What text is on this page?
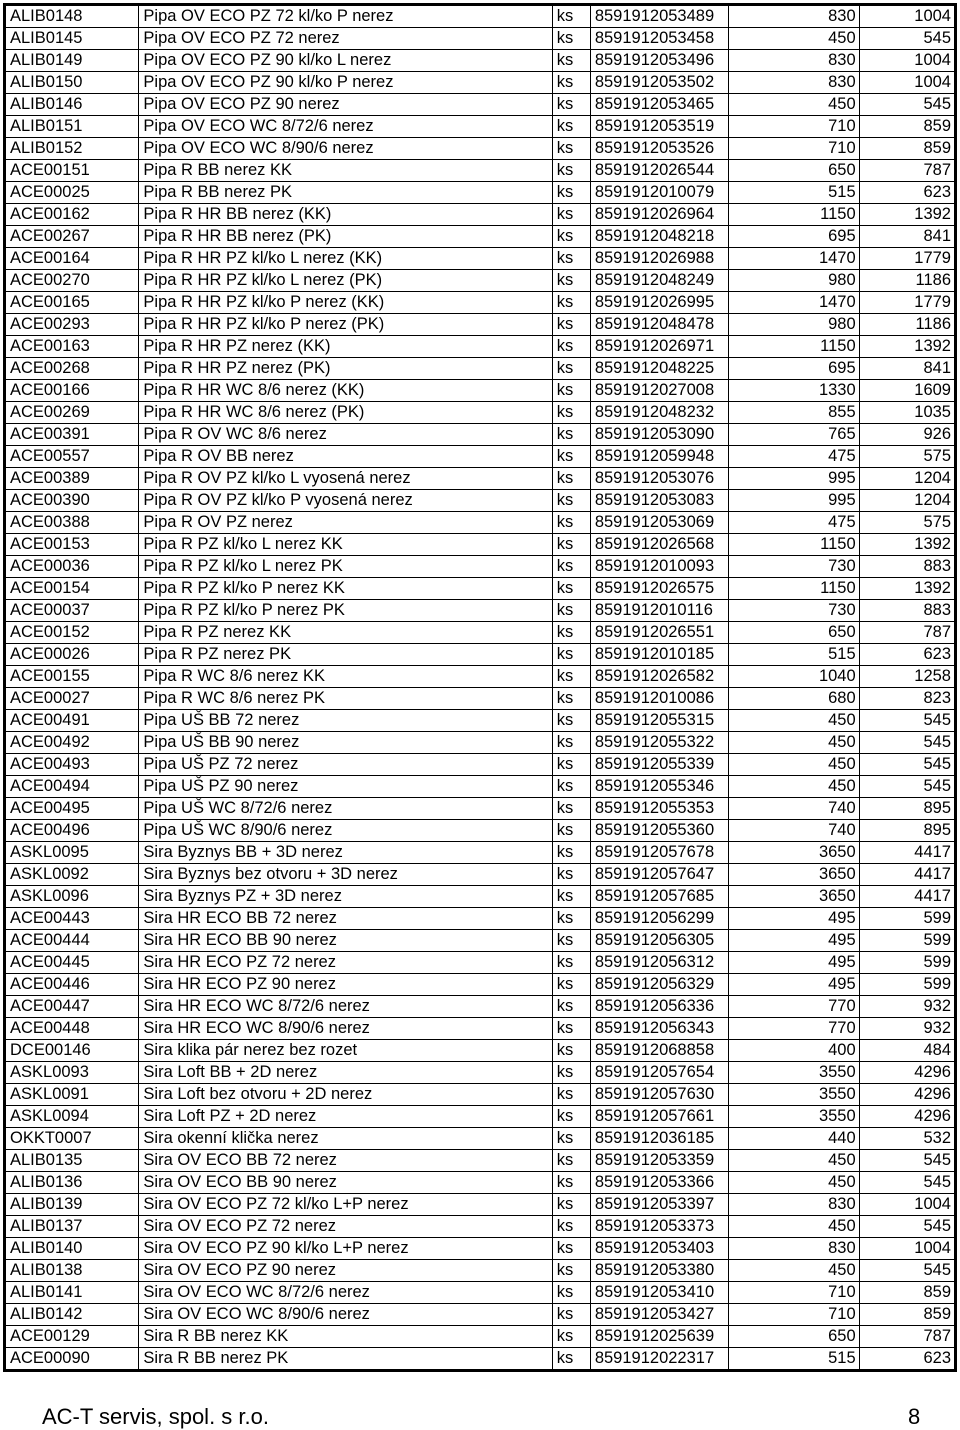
ALIB0148	Pipa OV ECO PZ 72 kl/ko P nerez	ks	8591912053489	830	1004
ALIB0145	Pipa OV ECO PZ 72 nerez	ks	8591912053458	450	545
ALIB0149	Pipa OV ECO PZ 90 kl/ko L nerez	ks	8591912053496	830	1004
ALIB0150	Pipa OV ECO PZ 90 kl/ko P nerez	ks	8591912053502	830	1004
ALIB0146	Pipa OV ECO PZ 90 nerez	ks	8591912053465	450	545
ALIB0151	Pipa OV ECO WC 8/72/6 nerez	ks	8591912053519	710	859
ALIB0152	Pipa OV ECO WC 8/90/6 nerez	ks	8591912053526	710	859
ACE00151	Pipa R BB nerez KK	ks	8591912026544	650	787
ACE00025	Pipa R BB nerez PK	ks	8591912010079	515	623
ACE00162	Pipa R HR BB nerez (KK)	ks	8591912026964	1150	1392
ACE00267	Pipa R HR BB nerez (PK)	ks	8591912048218	695	841
ACE00164	Pipa R HR PZ kl/ko L nerez (KK)	ks	8591912026988	1470	1779
ACE00270	Pipa R HR PZ kl/ko L nerez (PK)	ks	8591912048249	980	1186
ACE00165	Pipa R HR PZ kl/ko P nerez (KK)	ks	8591912026995	1470	1779
ACE00293	Pipa R HR PZ kl/ko P nerez (PK)	ks	8591912048478	980	1186
ACE00163	Pipa R HR PZ nerez (KK)	ks	8591912026971	1150	1392
ACE00268	Pipa R HR PZ nerez (PK)	ks	8591912048225	695	841
ACE00166	Pipa R HR WC 8/6 nerez (KK)	ks	8591912027008	1330	1609
ACE00269	Pipa R HR WC 8/6 nerez (PK)	ks	8591912048232	855	1035
ACE00391	Pipa R OV WC 8/6 nerez	ks	8591912053090	765	926
ACE00557	Pipa R OV BB nerez	ks	8591912059948	475	575
ACE00389	Pipa R OV PZ kl/ko L vyosená nerez	ks	8591912053076	995	1204
ACE00390	Pipa R OV PZ kl/ko P vyosená nerez	ks	8591912053083	995	1204
ACE00388	Pipa R OV PZ nerez	ks	8591912053069	475	575
ACE00153	Pipa R PZ kl/ko L nerez KK	ks	8591912026568	1150	1392
ACE00036	Pipa R PZ kl/ko L nerez PK	ks	8591912010093	730	883
ACE00154	Pipa R PZ kl/ko P nerez KK	ks	8591912026575	1150	1392
ACE00037	Pipa R PZ kl/ko P nerez PK	ks	8591912010116	730	883
ACE00152	Pipa R PZ nerez KK	ks	8591912026551	650	787
ACE00026	Pipa R PZ nerez PK	ks	8591912010185	515	623
ACE00155	Pipa R WC 8/6 nerez KK	ks	8591912026582	1040	1258
ACE00027	Pipa R WC 8/6 nerez PK	ks	8591912010086	680	823
ACE00491	Pipa UŠ BB 72 nerez	ks	8591912055315	450	545
ACE00492	Pipa UŠ BB 90 nerez	ks	8591912055322	450	545
ACE00493	Pipa UŠ PZ 72 nerez	ks	8591912055339	450	545
ACE00494	Pipa UŠ PZ 90 nerez	ks	8591912055346	450	545
ACE00495	Pipa UŠ WC 8/72/6 nerez	ks	8591912055353	740	895
ACE00496	Pipa UŠ WC 8/90/6 nerez	ks	8591912055360	740	895
ASKL0095	Sira Byznys BB + 3D nerez	ks	8591912057678	3650	4417
ASKL0092	Sira Byznys bez otvoru + 3D nerez	ks	8591912057647	3650	4417
ASKL0096	Sira Byznys PZ + 3D nerez	ks	8591912057685	3650	4417
ACE00443	Sira HR ECO BB 72 nerez	ks	8591912056299	495	599
ACE00444	Sira HR ECO BB 90 nerez	ks	8591912056305	495	599
ACE00445	Sira HR ECO PZ 72 nerez	ks	8591912056312	495	599
ACE00446	Sira HR ECO PZ 90 nerez	ks	8591912056329	495	599
ACE00447	Sira HR ECO WC 8/72/6 nerez	ks	8591912056336	770	932
ACE00448	Sira HR ECO WC 8/90/6 nerez	ks	8591912056343	770	932
DCE00146	Sira klika pár nerez bez rozet	ks	8591912068858	400	484
ASKL0093	Sira Loft BB + 2D nerez	ks	8591912057654	3550	4296
ASKL0091	Sira Loft bez otvoru + 2D nerez	ks	8591912057630	3550	4296
ASKL0094	Sira Loft PZ + 2D nerez	ks	8591912057661	3550	4296
OKKT0007	Sira okenní klička nerez	ks	8591912036185	440	532
ALIB0135	Sira OV ECO BB 72 nerez	ks	8591912053359	450	545
ALIB0136	Sira OV ECO BB 90 nerez	ks	8591912053366	450	545
ALIB0139	Sira OV ECO PZ 72 kl/ko L+P nerez	ks	8591912053397	830	1004
ALIB0137	Sira OV ECO PZ 72 nerez	ks	8591912053373	450	545
ALIB0140	Sira OV ECO PZ 90 kl/ko L+P nerez	ks	8591912053403	830	1004
ALIB0138	Sira OV ECO PZ 90 nerez	ks	8591912053380	450	545
ALIB0141	Sira OV ECO WC 8/72/6 nerez	ks	8591912053410	710	859
ALIB0142	Sira OV ECO WC 8/90/6 nerez	ks	8591912053427	710	859
ACE00129	Sira R BB nerez KK	ks	8591912025639	650	787
ACE00090	Sira R BB nerez PK	ks	8591912022317	515	623
AC-T servis, spol. s r.o.	8
